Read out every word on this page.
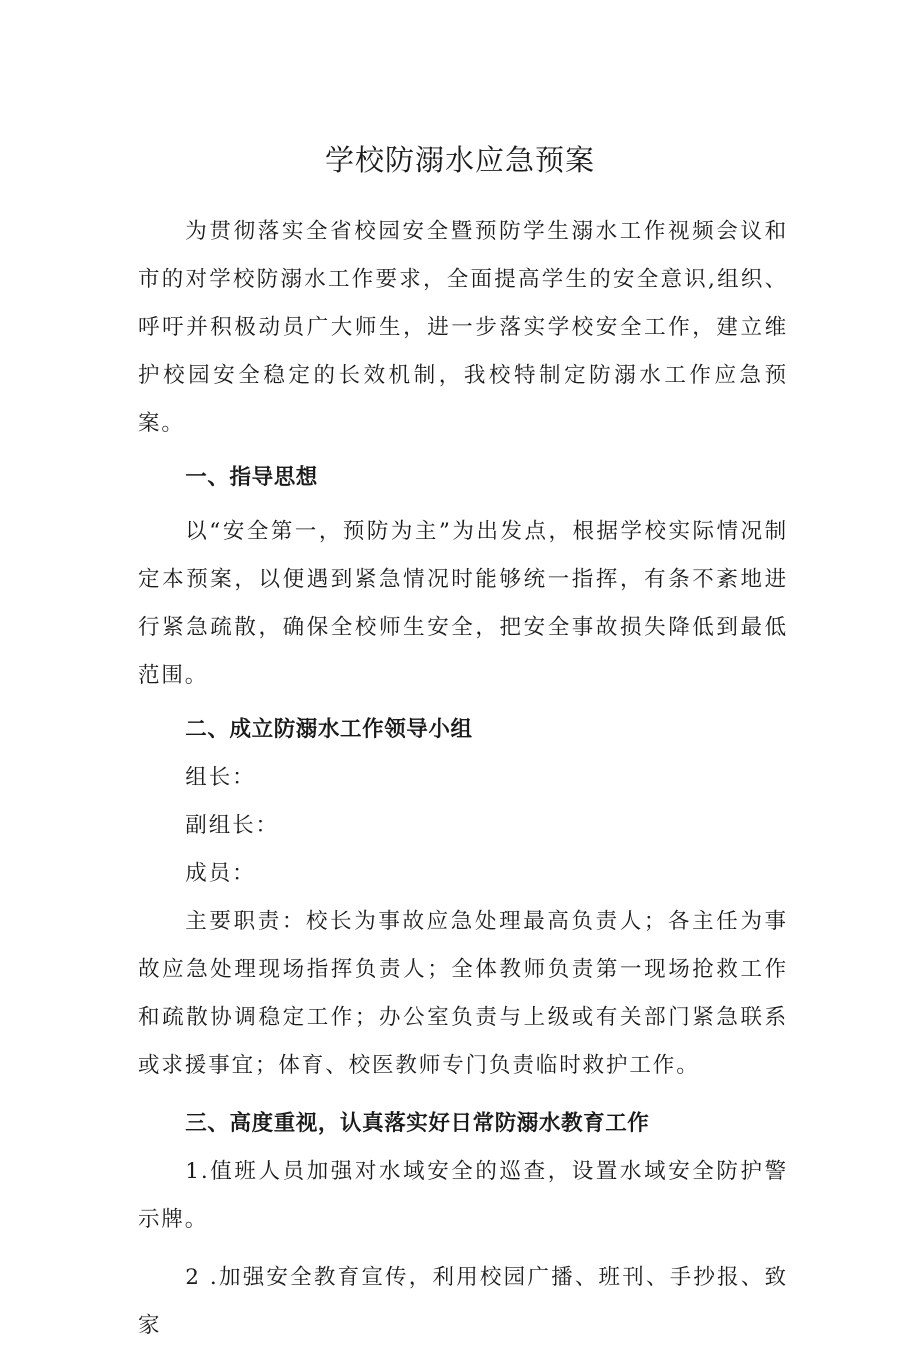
学校防溺水应急预案

为贯彻落实全省校园安全暨预防学生溺水工作视频会议和市的对学校防溺水工作要求，全面提高学生的安全意识,组织、呼吁并积极动员广大师生，进一步落实学校安全工作，建立维护校园安全稳定的长效机制，我校特制定防溺水工作应急预案。

一、指导思想

以“安全第一，预防为主”为出发点，根据学校实际情况制定本预案，以便遇到紧急情况时能够统一指挥，有条不紊地进行紧急疏散，确保全校师生安全，把安全事故损失降低到最低范围。

二、成立防溺水工作领导小组

组长：

副组长：

成员：

主要职责：校长为事故应急处理最高负责人；各主任为事故应急处理现场指挥负责人；全体教师负责第一现场抢救工作和疏散协调稳定工作；办公室负责与上级或有关部门紧急联系或求援事宜；体育、校医教师专门负责临时救护工作。

三、高度重视，认真落实好日常防溺水教育工作

1.值班人员加强对水域安全的巡查，设置水域安全防护警示牌。

2 .加强安全教育宣传，利用校园广播、班刊、手抄报、致家
